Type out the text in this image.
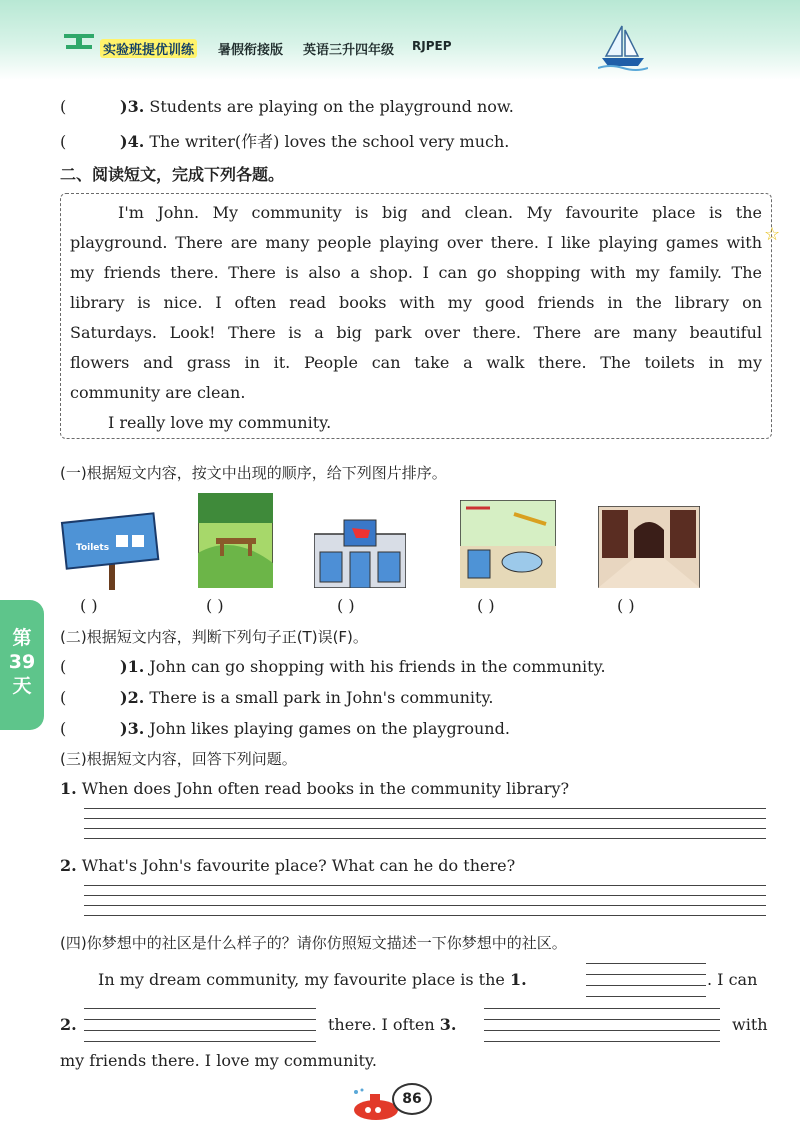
实验班提优训练 暑假衔接版 英语三升四年级 RJPEP
(	)3. Students are playing on the playground now.
(	)4. The writer(作者) loves the school very much.
二、阅读短文，完成下列各题。
I'm John. My community is big and clean. My favourite place is the
playground. There are many people playing over there. I like playing games with ☆
my friends there. There is also a shop. I can go shopping with my family. The
library is nice. I often read books with my good friends in the library on
Saturdays. Look! There is a big park over there. There are many beautiful
flowers and grass in it. People can take a walk there. The toilets in my
community are clean.
I really love my community.
(一)根据短文内容，按文中出现的顺序，给下列图片排序。
Toilets
( )	( )	( )	( )	( )
第
39
天
(二)根据短文内容，判断下列句子正(T)误(F)。
(	)1. John can go shopping with his friends in the community.
(	)2. There is a small park in John's community.
(	)3. John likes playing games on the playground.
(三)根据短文内容，回答下列问题。
1. When does John often read books in the community library?
2. What's John's favourite place? What can he do there?
(四)你梦想中的社区是什么样子的？请你仿照短文描述一下你梦想中的社区。
In my dream community, my favourite place is the 1.	. I can
2.	there. I often 3.	with
my friends there. I love my community.
86
